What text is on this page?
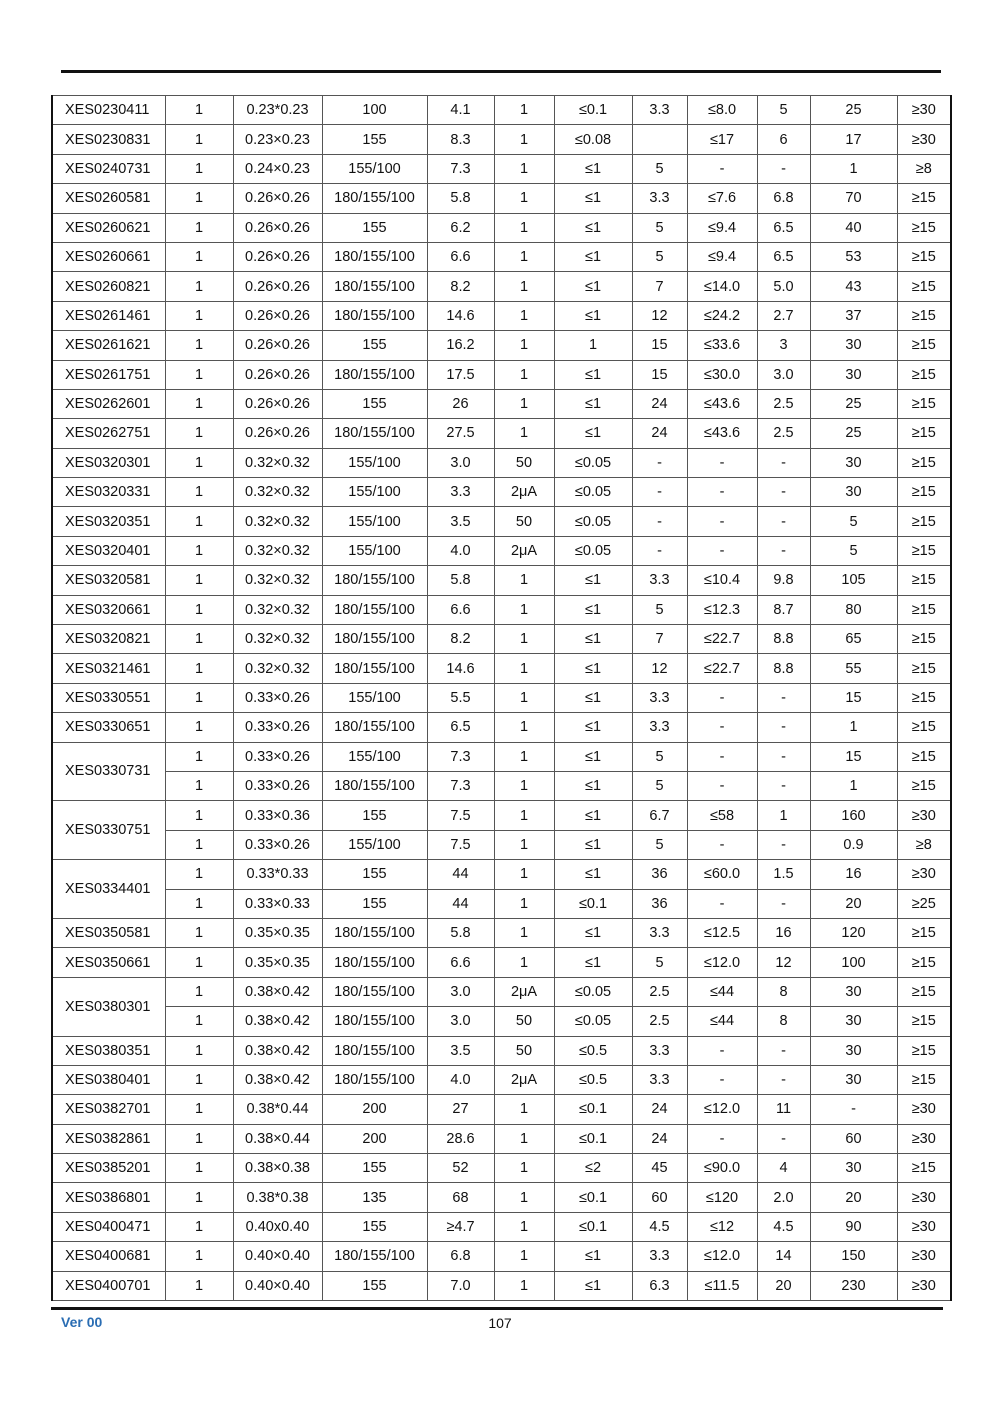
XES0230411	1	0.23*0.23	100	4.1	1	≤0.1	3.3	≤8.0	5	25	≥30
XES0230831	1	0.23×0.23	155	8.3	1	≤0.08		≤17	6	17	≥30
XES0240731	1	0.24×0.23	155/100	7.3	1	≤1	5	-	-	1	≥8
XES0260581	1	0.26×0.26	180/155/100	5.8	1	≤1	3.3	≤7.6	6.8	70	≥15
XES0260621	1	0.26×0.26	155	6.2	1	≤1	5	≤9.4	6.5	40	≥15
XES0260661	1	0.26×0.26	180/155/100	6.6	1	≤1	5	≤9.4	6.5	53	≥15
XES0260821	1	0.26×0.26	180/155/100	8.2	1	≤1	7	≤14.0	5.0	43	≥15
XES0261461	1	0.26×0.26	180/155/100	14.6	1	≤1	12	≤24.2	2.7	37	≥15
XES0261621	1	0.26×0.26	155	16.2	1	1	15	≤33.6	3	30	≥15
XES0261751	1	0.26×0.26	180/155/100	17.5	1	≤1	15	≤30.0	3.0	30	≥15
XES0262601	1	0.26×0.26	155	26	1	≤1	24	≤43.6	2.5	25	≥15
XES0262751	1	0.26×0.26	180/155/100	27.5	1	≤1	24	≤43.6	2.5	25	≥15
XES0320301	1	0.32×0.32	155/100	3.0	50	≤0.05	-	-	-	30	≥15
XES0320331	1	0.32×0.32	155/100	3.3	2μA	≤0.05	-	-	-	30	≥15
XES0320351	1	0.32×0.32	155/100	3.5	50	≤0.05	-	-	-	5	≥15
XES0320401	1	0.32×0.32	155/100	4.0	2μA	≤0.05	-	-	-	5	≥15
XES0320581	1	0.32×0.32	180/155/100	5.8	1	≤1	3.3	≤10.4	9.8	105	≥15
XES0320661	1	0.32×0.32	180/155/100	6.6	1	≤1	5	≤12.3	8.7	80	≥15
XES0320821	1	0.32×0.32	180/155/100	8.2	1	≤1	7	≤22.7	8.8	65	≥15
XES0321461	1	0.32×0.32	180/155/100	14.6	1	≤1	12	≤22.7	8.8	55	≥15
XES0330551	1	0.33×0.26	155/100	5.5	1	≤1	3.3	-	-	15	≥15
XES0330651	1	0.33×0.26	180/155/100	6.5	1	≤1	3.3	-	-	1	≥15
XES0330731	1	0.33×0.26	155/100	7.3	1	≤1	5	-	-	15	≥15
	1	0.33×0.26	180/155/100	7.3	1	≤1	5	-	-	1	≥15
XES0330751	1	0.33×0.36	155	7.5	1	≤1	6.7	≤58	1	160	≥30
	1	0.33×0.26	155/100	7.5	1	≤1	5	-	-	0.9	≥8
XES0334401	1	0.33*0.33	155	44	1	≤1	36	≤60.0	1.5	16	≥30
	1	0.33×0.33	155	44	1	≤0.1	36	-	-	20	≥25
XES0350581	1	0.35×0.35	180/155/100	5.8	1	≤1	3.3	≤12.5	16	120	≥15
XES0350661	1	0.35×0.35	180/155/100	6.6	1	≤1	5	≤12.0	12	100	≥15
XES0380301	1	0.38×0.42	180/155/100	3.0	2μA	≤0.05	2.5	≤44	8	30	≥15
	1	0.38×0.42	180/155/100	3.0	50	≤0.05	2.5	≤44	8	30	≥15
XES0380351	1	0.38×0.42	180/155/100	3.5	50	≤0.5	3.3	-	-	30	≥15
XES0380401	1	0.38×0.42	180/155/100	4.0	2μA	≤0.5	3.3	-	-	30	≥15
XES0382701	1	0.38*0.44	200	27	1	≤0.1	24	≤12.0	11	-	≥30
XES0382861	1	0.38×0.44	200	28.6	1	≤0.1	24	-	-	60	≥30
XES0385201	1	0.38×0.38	155	52	1	≤2	45	≤90.0	4	30	≥15
XES0386801	1	0.38*0.38	135	68	1	≤0.1	60	≤120	2.0	20	≥30
XES0400471	1	0.40x0.40	155	≥4.7	1	≤0.1	4.5	≤12	4.5	90	≥30
XES0400681	1	0.40×0.40	180/155/100	6.8	1	≤1	3.3	≤12.0	14	150	≥30
XES0400701	1	0.40×0.40	155	7.0	1	≤1	6.3	≤11.5	20	230	≥30
Ver 00	107
